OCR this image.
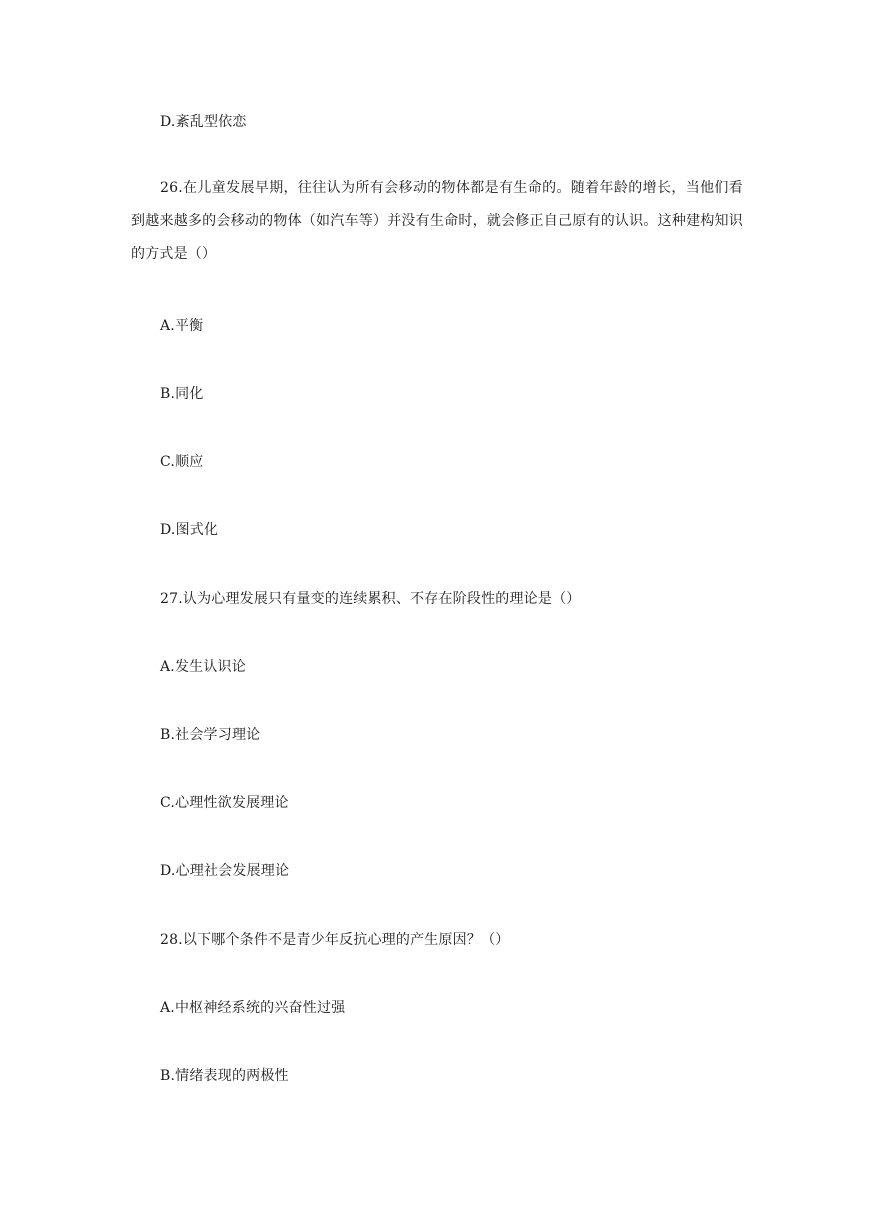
D.紊乱型依恋
26.在儿童发展早期，往往认为所有会移动的物体都是有生命的。随着年龄的增长，当他们看到越来越多的会移动的物体（如汽车等）并没有生命时，就会修正自己原有的认识。这种建构知识的方式是（）
A.平衡
B.同化
C.顺应
D.图式化
27.认为心理发展只有量变的连续累积、不存在阶段性的理论是（）
A.发生认识论
B.社会学习理论
C.心理性欲发展理论
D.心理社会发展理论
28.以下哪个条件不是青少年反抗心理的产生原因？（）
A.中枢神经系统的兴奋性过强
B.情绪表现的两极性
